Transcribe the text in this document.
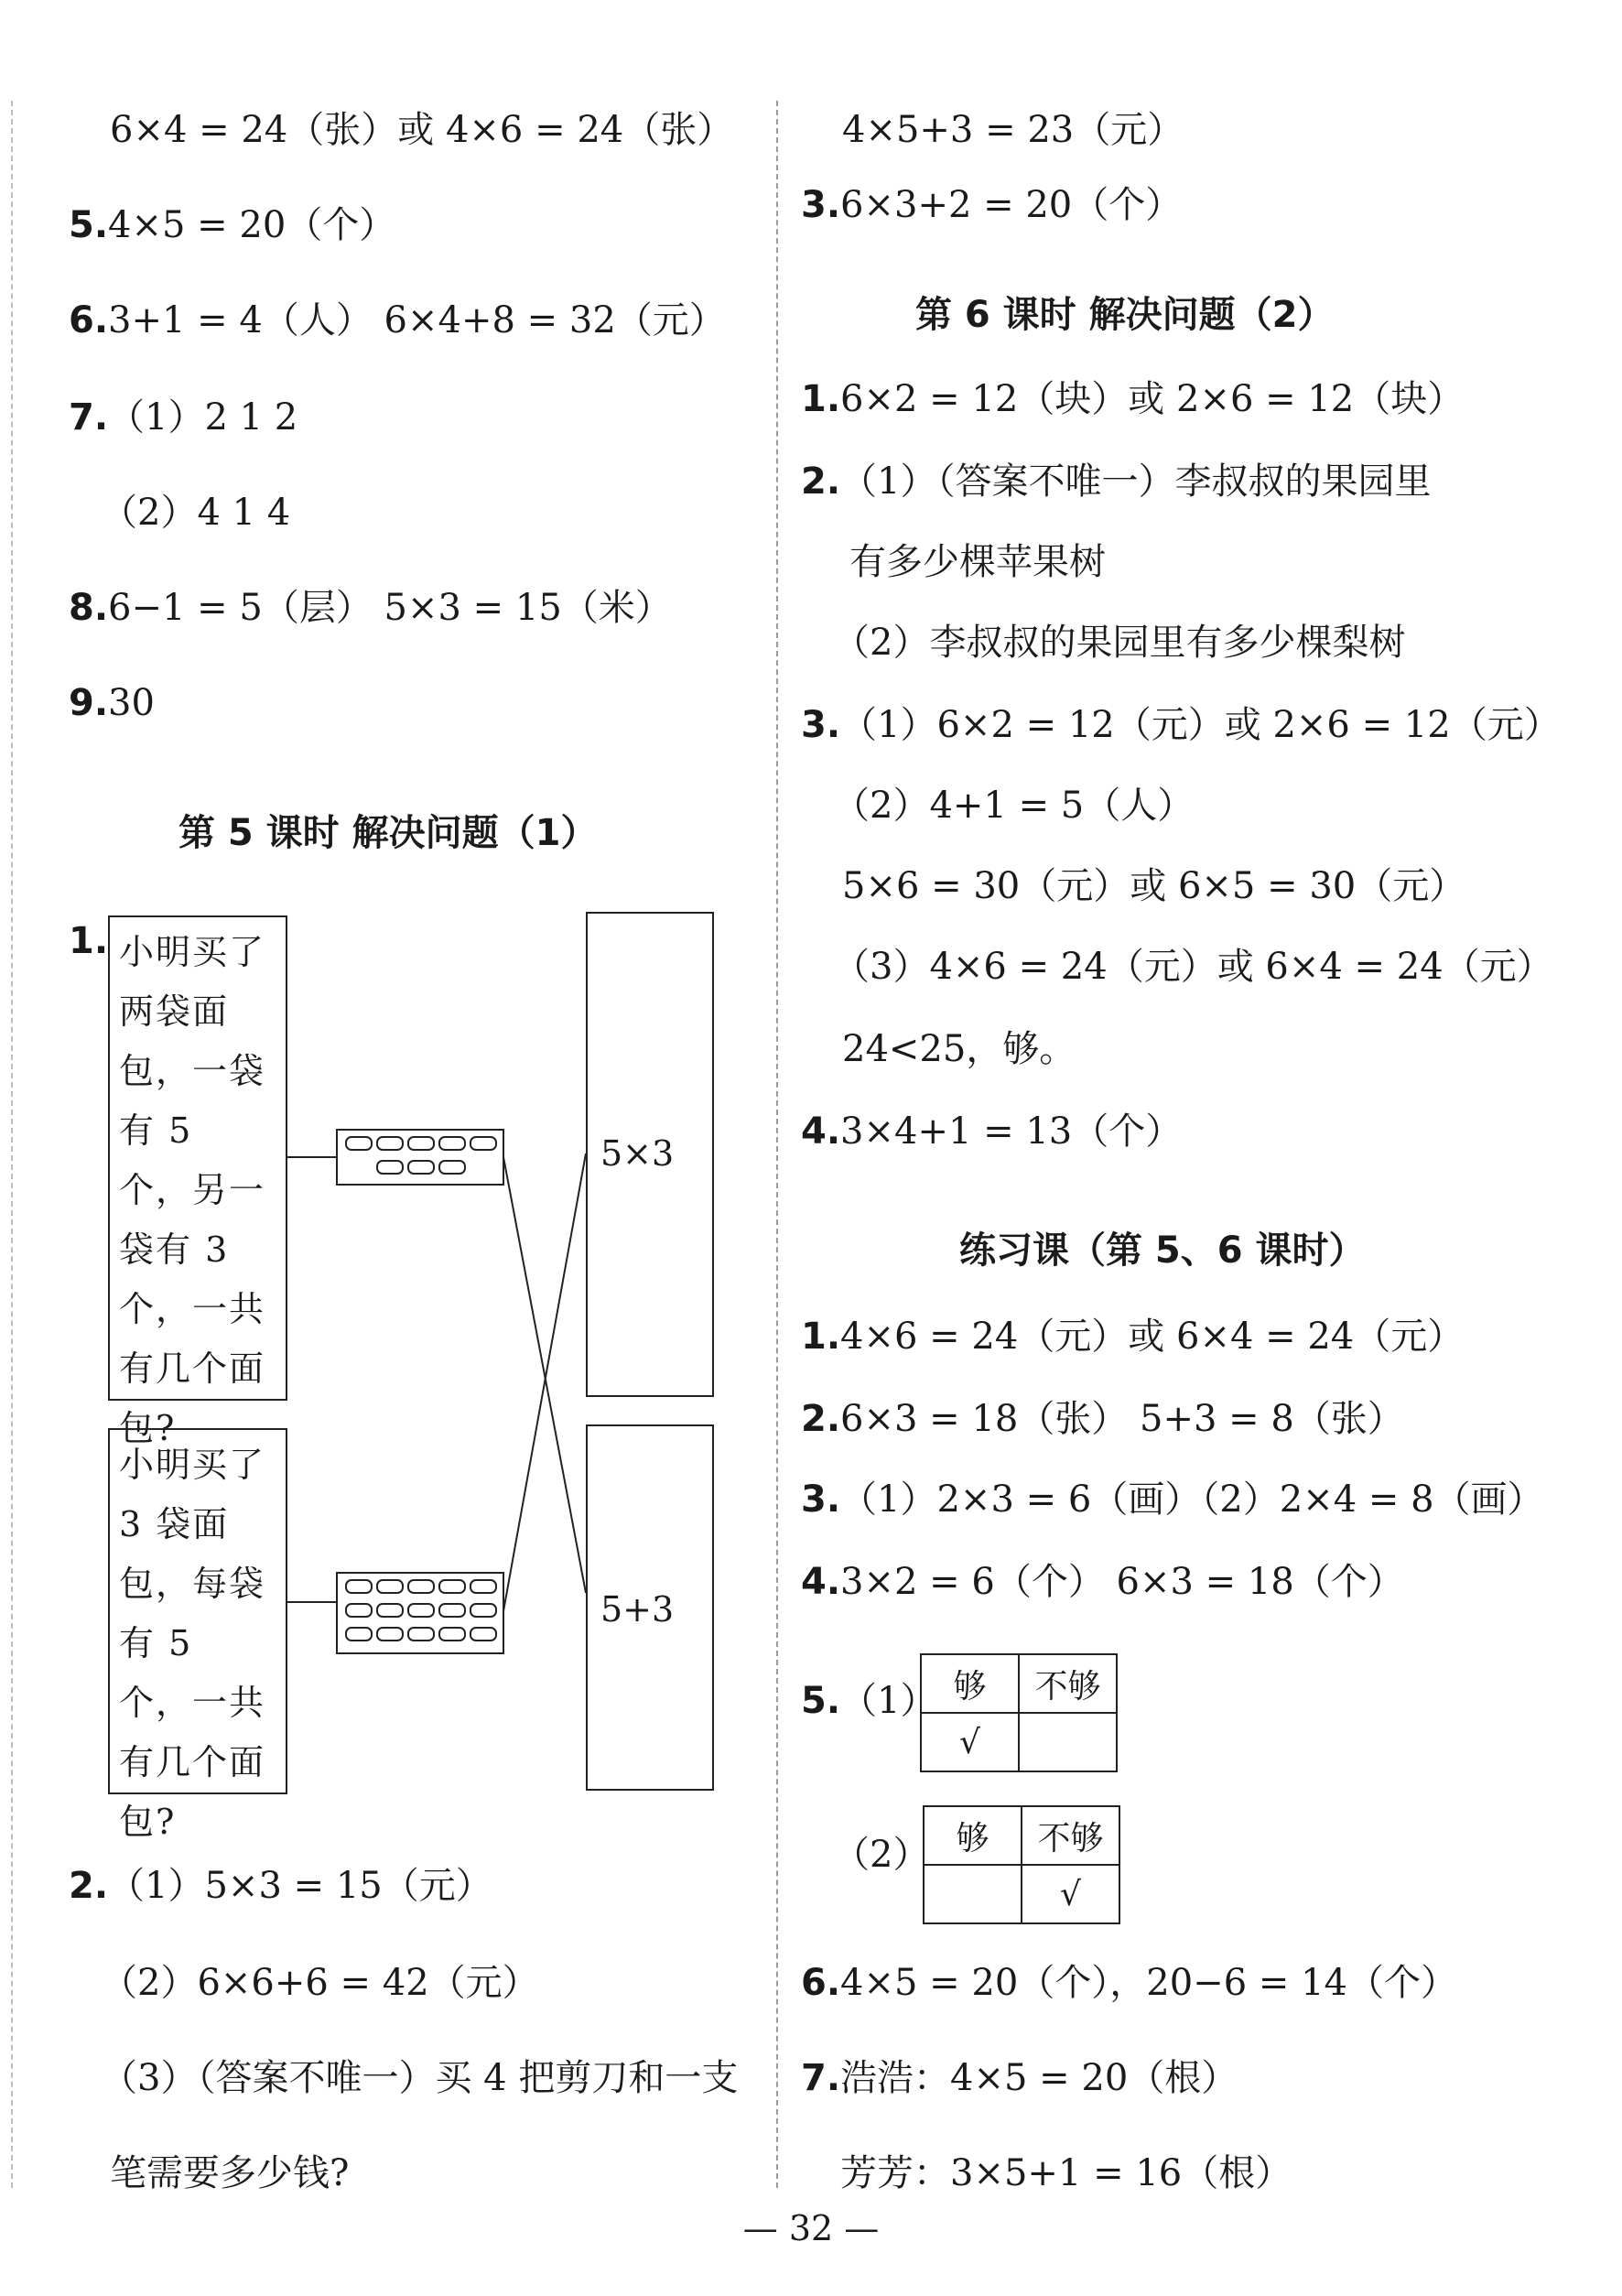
6×4 = 24（张）或 4×6 = 24（张）
5.4×5 = 20（个）
6.3+1 = 4（人） 6×4+8 = 32（元）
7.（1）2 1 2
（2）4 1 4
8.6−1 = 5（层） 5×3 = 15（米）
9.30
第 5 课时 解决问题（1）
1. 小明买了两袋面包，一袋有 5 个，另一袋有 3 个，一共有几个面包?
小明买了 3 袋面包，每袋有 5 个，一共有几个面包?
5×3
5+3
2.（1）5×3 = 15（元）
（2）6×6+6 = 42（元）
（3）（答案不唯一）买 4 把剪刀和一支
笔需要多少钱?
4×5+3 = 23（元）
3.6×3+2 = 20（个）
第 6 课时 解决问题（2）
1.6×2 = 12（块）或 2×6 = 12（块）
2.（1）（答案不唯一）李叔叔的果园里
有多少棵苹果树
（2）李叔叔的果园里有多少棵梨树
3.（1）6×2 = 12（元）或 2×6 = 12（元）
（2）4+1 = 5（人）
5×6 = 30（元）或 6×5 = 30（元）
（3）4×6 = 24（元）或 6×4 = 24（元）
24<25，够。
4.3×4+1 = 13（个）
练习课（第 5、6 课时）
1.4×6 = 24（元）或 6×4 = 24（元）
2.6×3 = 18（张） 5+3 = 8（张）
3.（1）2×3 = 6（画）（2）2×4 = 8（画）
4.3×2 = 6（个） 6×3 = 18（个）
5.（1） 够	不够
√	
（2） 够	不够
	√
6.4×5 = 20（个），20−6 = 14（个）
7.浩浩：4×5 = 20（根）
芳芳：3×5+1 = 16（根）
— 32 —
